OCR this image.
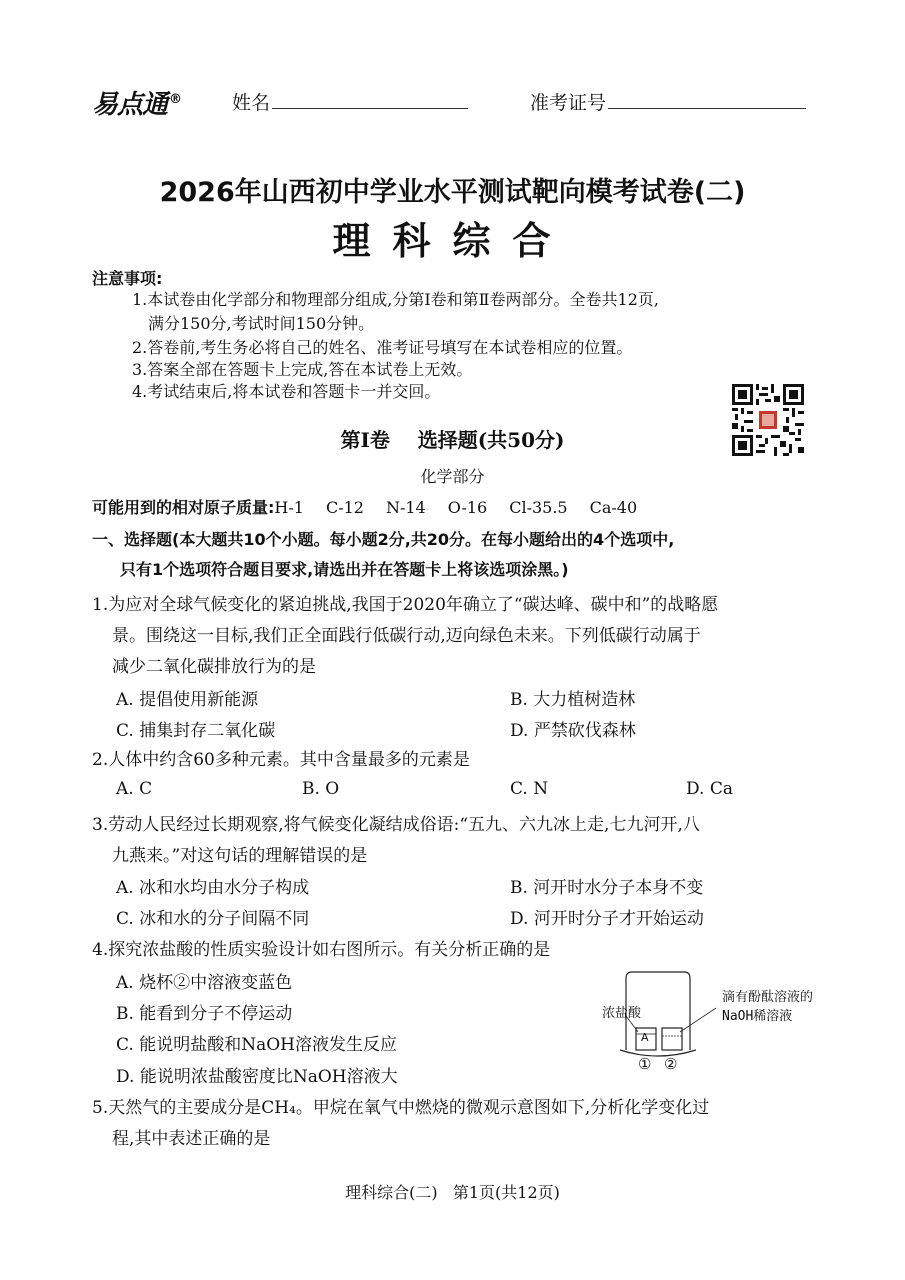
易点通 ®	姓名	准考证号
2026年山西初中学业水平测试靶向模考试卷(二)
理科综合
注意事项:
1.本试卷由化学部分和物理部分组成,分第Ⅰ卷和第Ⅱ卷两部分。全卷共12页,
满分150分,考试时间150分钟。
2.答卷前,考生务必将自己的姓名、准考证号填写在本试卷相应的位置。
3.答案全部在答题卡上完成,答在本试卷上无效。
4.考试结束后,将本试卷和答题卡一并交回。
第Ⅰ卷    选择题(共50分)
化学部分
可能用到的相对原子质量:H-1 C-12 N-14 O-16 Cl-35.5 Ca-40
一、选择题(本大题共10个小题。每小题2分,共20分。在每小题给出的4个选项中,
只有1个选项符合题目要求,请选出并在答题卡上将该选项涂黑。)
1.为应对全球气候变化的紧迫挑战,我国于2020年确立了“碳达峰、碳中和”的战略愿
景。围绕这一目标,我们正全面践行低碳行动,迈向绿色未来。下列低碳行动属于
减少二氧化碳排放行为的是
A. 提倡使用新能源	B. 大力植树造林
C. 捕集封存二氧化碳	D. 严禁砍伐森林
2.人体中约含60多种元素。其中含量最多的元素是
A. C	B. O	C. N	D. Ca
3.劳动人民经过长期观察,将气候变化凝结成俗语:“五九、六九冰上走,七九河开,八
九燕来。”对这句话的理解错误的是
A. 冰和水均由水分子构成	B. 河开时水分子本身不变
C. 冰和水的分子间隔不同	D. 河开时分子才开始运动
4.探究浓盐酸的性质实验设计如右图所示。有关分析正确的是
A. 烧杯②中溶液变蓝色
B. 能看到分子不停运动
C. 能说明盐酸和NaOH溶液发生反应
D. 能说明浓盐酸密度比NaOH溶液大
浓盐酸
滴有酚酞溶液的
NaOH稀溶液
A
① ②
5.天然气的主要成分是CH₄。甲烷在氧气中燃烧的微观示意图如下,分析化学变化过
程,其中表述正确的是
理科综合(二)   第1页(共12页)
